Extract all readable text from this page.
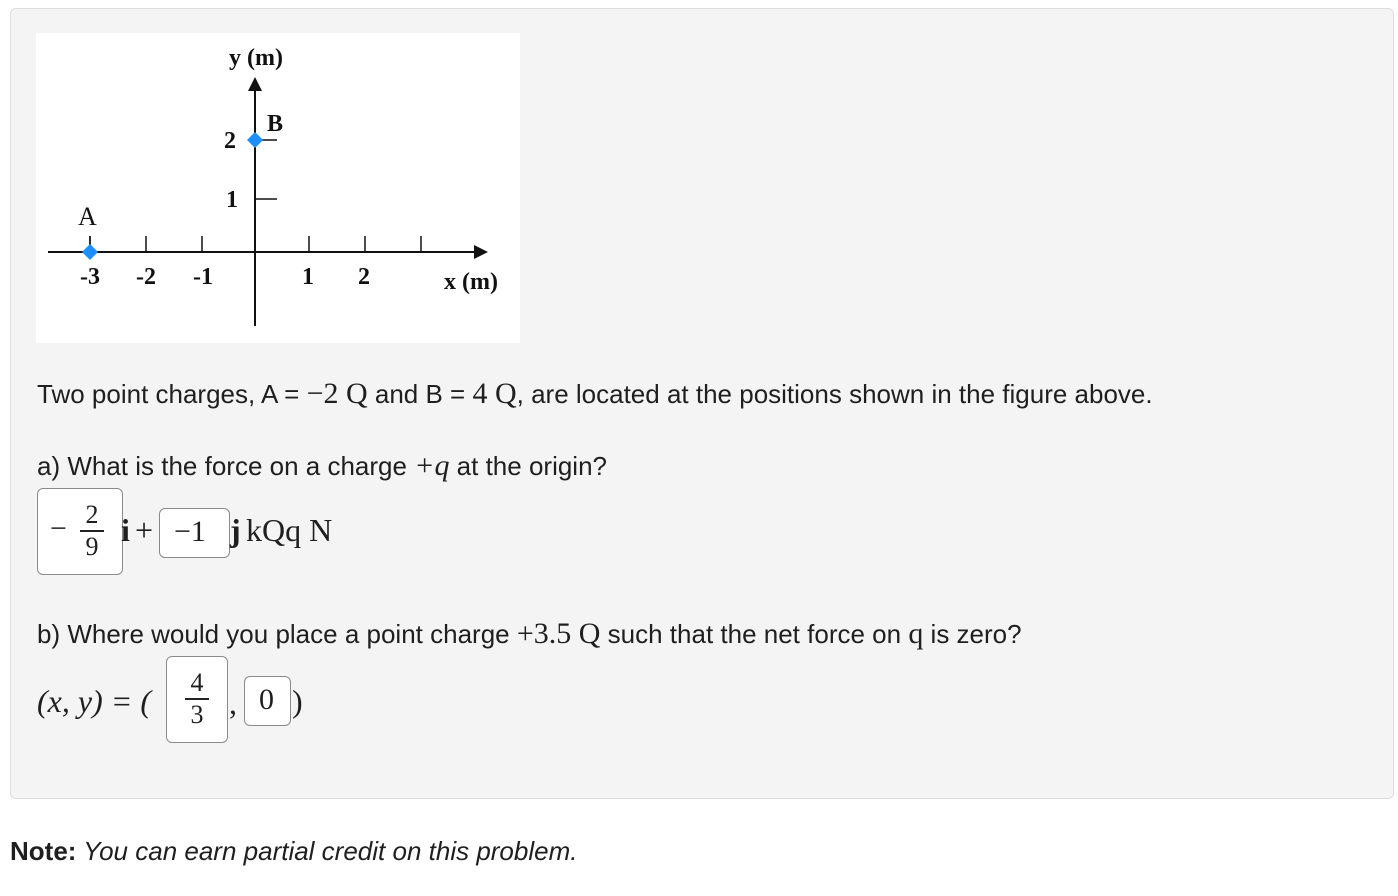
-3 -2 -1	1 2
1
2
y (m)
x (m)
A
B
Two point charges, A = −2 Q and B = 4 Q, are located at the positions shown in the figure above.
a) What is the force on a charge +q at the origin?
− 2
9 i + −1 j kQq N
b) Where would you place a point charge +3.5 Q such that the net force on q is zero?
(x, y) = (
4
3 , 0 )
Note: You can earn partial credit on this problem.
